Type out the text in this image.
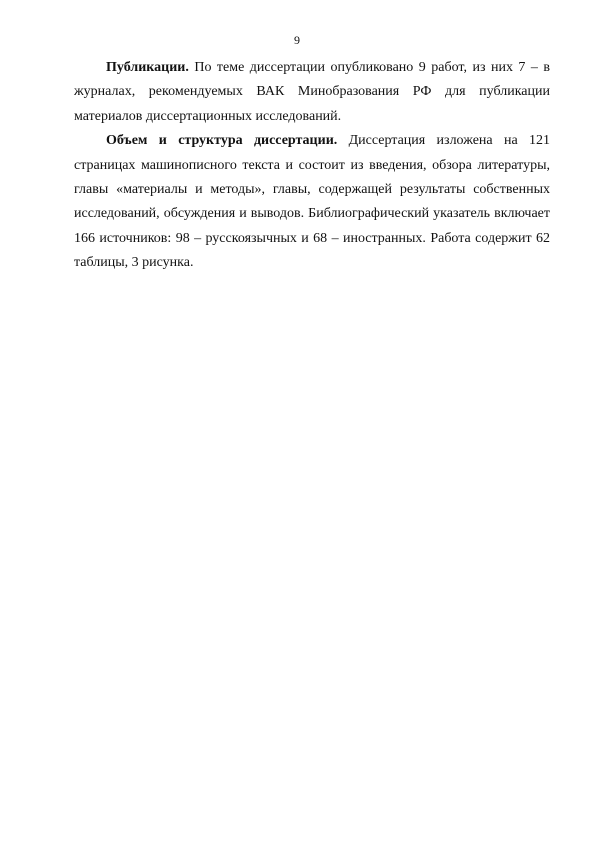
9

Публикации. По теме диссертации опубликовано 9 работ, из них 7 – в журналах, рекомендуемых ВАК Минобразования РФ для публикации материалов диссертационных исследований.

Объем и структура диссертации. Диссертация изложена на 121 страницах машинописного текста и состоит из введения, обзора литературы, главы «материалы и методы», главы, содержащей результаты собственных исследований, обсуждения и выводов. Библиографический указатель включает 166 источников: 98 – русскоязычных и 68 – иностранных. Работа содержит 62 таблицы, 3 рисунка.
